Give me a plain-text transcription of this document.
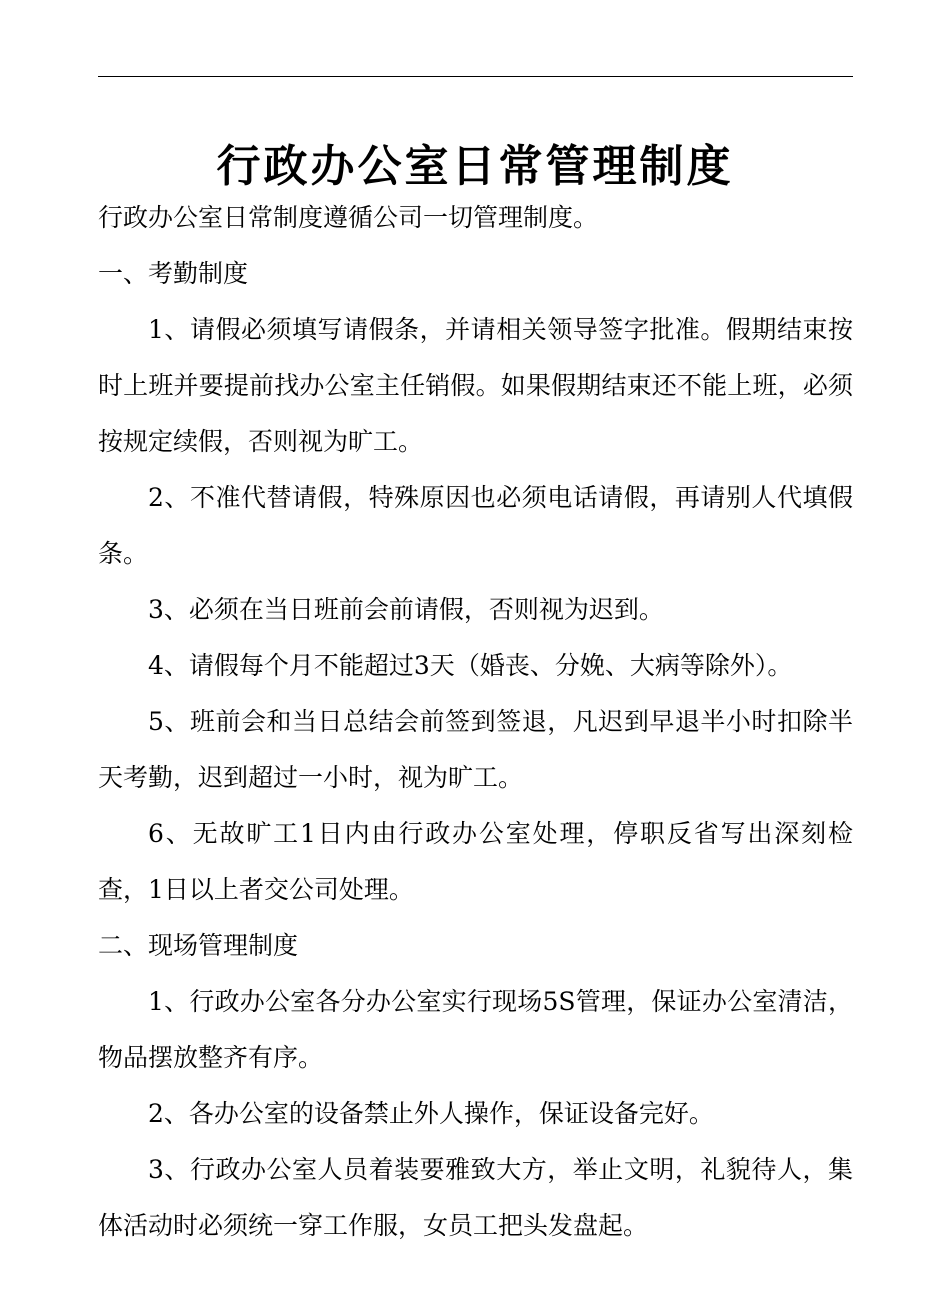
行政办公室日常管理制度

行政办公室日常制度遵循公司一切管理制度。

一、考勤制度

1、请假必须填写请假条，并请相关领导签字批准。假期结束按时上班并要提前找办公室主任销假。如果假期结束还不能上班，必须按规定续假，否则视为旷工。

2、不准代替请假，特殊原因也必须电话请假，再请别人代填假条。

3、必须在当日班前会前请假，否则视为迟到。

4、请假每个月不能超过3天（婚丧、分娩、大病等除外）。

5、班前会和当日总结会前签到签退，凡迟到早退半小时扣除半天考勤，迟到超过一小时，视为旷工。

6、无故旷工1日内由行政办公室处理，停职反省写出深刻检查，1日以上者交公司处理。

二、现场管理制度

1、行政办公室各分办公室实行现场5S管理，保证办公室清洁，物品摆放整齐有序。

2、各办公室的设备禁止外人操作，保证设备完好。

3、行政办公室人员着装要雅致大方，举止文明，礼貌待人，集体活动时必须统一穿工作服，女员工把头发盘起。
